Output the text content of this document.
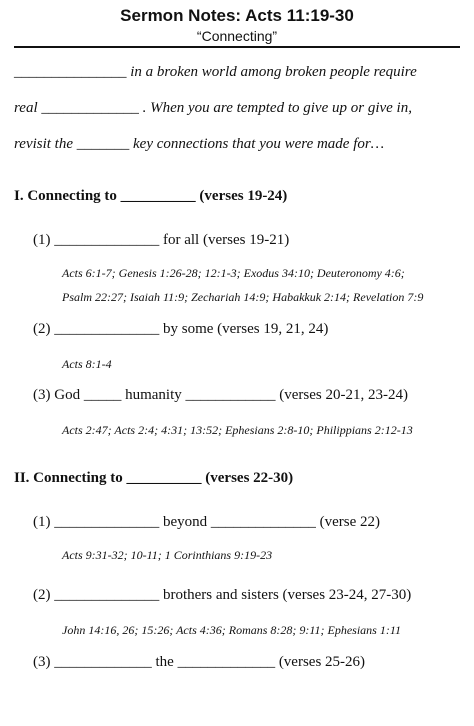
Sermon Notes: Acts 11:19-30
“Connecting”
_______________ in a broken world among broken people require
real _____________ . When you are tempted to give up or give in,
revisit the _______ key connections that you were made for…
I. Connecting to __________ (verses 19-24)
(1) ______________ for all (verses 19-21)
Acts 6:1-7; Genesis 1:26-28; 12:1-3; Exodus 34:10; Deuteronomy 4:6;
Psalm 22:27; Isaiah 11:9; Zechariah 14:9; Habakkuk 2:14; Revelation 7:9
(2) ______________ by some (verses 19, 21, 24)
Acts 8:1-4
(3) God _____ humanity ____________ (verses 20-21, 23-24)
Acts 2:47; Acts 2:4; 4:31; 13:52; Ephesians 2:8-10; Philippians 2:12-13
II. Connecting to __________ (verses 22-30)
(1) ______________ beyond ______________ (verse 22)
Acts 9:31-32; 10-11; 1 Corinthians 9:19-23
(2) ______________ brothers and sisters (verses 23-24, 27-30)
John 14:16, 26; 15:26; Acts 4:36; Romans 8:28; 9:11; Ephesians 1:11
(3) _____________ the _____________ (verses 25-26)
